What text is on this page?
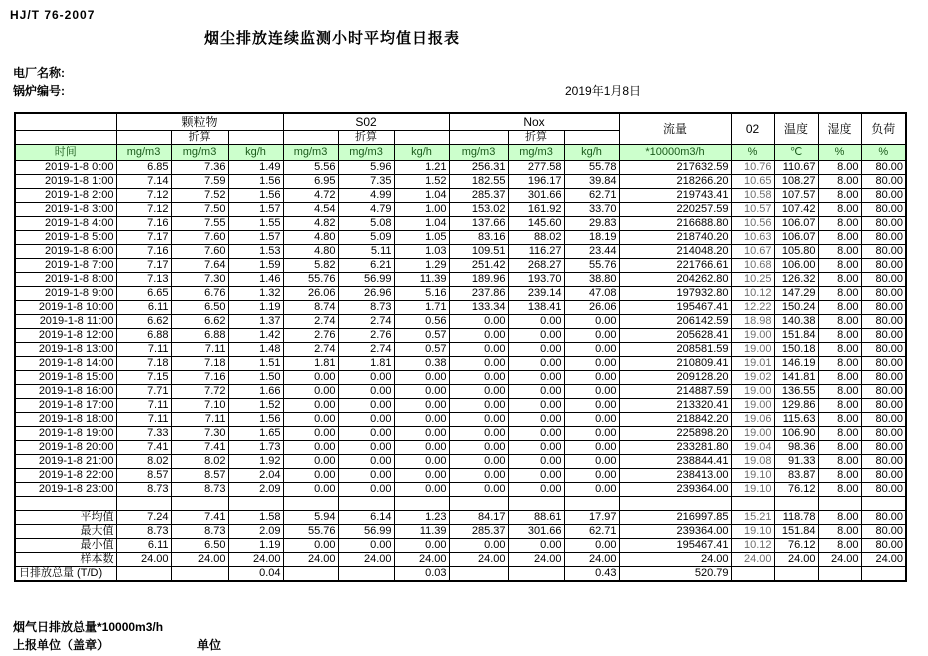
HJ/T 76-2007
烟尘排放连续监测小时平均值日报表
电厂名称:
锅炉编号:	2019年1月8日
	颗粒物			S02			Nox			流量	02	温度	湿度	负荷
		折算			折算			折算						
时间	mg/m3	mg/m3	kg/h	mg/m3	mg/m3	kg/h	mg/m3	mg/m3	kg/h	*10000m3/h	%	℃	%	%
2019-1-8 0:00	6.85	7.36	1.49	5.56	5.96	1.21	256.31	277.58	55.78	217632.59	10.76	110.67	8.00	80.00
2019-1-8 1:00	7.14	7.59	1.56	6.95	7.35	1.52	182.55	196.17	39.84	218266.20	10.65	108.27	8.00	80.00
2019-1-8 2:00	7.12	7.52	1.56	4.72	4.99	1.04	285.37	301.66	62.71	219743.41	10.58	107.57	8.00	80.00
2019-1-8 3:00	7.12	7.50	1.57	4.54	4.79	1.00	153.02	161.92	33.70	220257.59	10.57	107.42	8.00	80.00
2019-1-8 4:00	7.16	7.55	1.55	4.82	5.08	1.04	137.66	145.60	29.83	216688.80	10.56	106.07	8.00	80.00
2019-1-8 5:00	7.17	7.60	1.57	4.80	5.09	1.05	83.16	88.02	18.19	218740.20	10.63	106.07	8.00	80.00
2019-1-8 6:00	7.16	7.60	1.53	4.80	5.11	1.03	109.51	116.27	23.44	214048.20	10.67	105.80	8.00	80.00
2019-1-8 7:00	7.17	7.64	1.59	5.82	6.21	1.29	251.42	268.27	55.76	221766.61	10.68	106.00	8.00	80.00
2019-1-8 8:00	7.13	7.30	1.46	55.76	56.99	11.39	189.96	193.70	38.80	204262.80	10.25	126.32	8.00	80.00
2019-1-8 9:00	6.65	6.76	1.32	26.06	26.96	5.16	237.86	239.14	47.08	197932.80	10.12	147.29	8.00	80.00
2019-1-8 10:00	6.11	6.50	1.19	8.74	8.73	1.71	133.34	138.41	26.06	195467.41	12.22	150.24	8.00	80.00
2019-1-8 11:00	6.62	6.62	1.37	2.74	2.74	0.56	0.00	0.00	0.00	206142.59	18.98	140.38	8.00	80.00
2019-1-8 12:00	6.88	6.88	1.42	2.76	2.76	0.57	0.00	0.00	0.00	205628.41	19.00	151.84	8.00	80.00
2019-1-8 13:00	7.11	7.11	1.48	2.74	2.74	0.57	0.00	0.00	0.00	208581.59	19.00	150.18	8.00	80.00
2019-1-8 14:00	7.18	7.18	1.51	1.81	1.81	0.38	0.00	0.00	0.00	210809.41	19.01	146.19	8.00	80.00
2019-1-8 15:00	7.15	7.16	1.50	0.00	0.00	0.00	0.00	0.00	0.00	209128.20	19.02	141.81	8.00	80.00
2019-1-8 16:00	7.71	7.72	1.66	0.00	0.00	0.00	0.00	0.00	0.00	214887.59	19.00	136.55	8.00	80.00
2019-1-8 17:00	7.11	7.10	1.52	0.00	0.00	0.00	0.00	0.00	0.00	213320.41	19.00	129.86	8.00	80.00
2019-1-8 18:00	7.11	7.11	1.56	0.00	0.00	0.00	0.00	0.00	0.00	218842.20	19.06	115.63	8.00	80.00
2019-1-8 19:00	7.33	7.30	1.65	0.00	0.00	0.00	0.00	0.00	0.00	225898.20	19.00	106.90	8.00	80.00
2019-1-8 20:00	7.41	7.41	1.73	0.00	0.00	0.00	0.00	0.00	0.00	233281.80	19.04	98.36	8.00	80.00
2019-1-8 21:00	8.02	8.02	1.92	0.00	0.00	0.00	0.00	0.00	0.00	238844.41	19.08	91.33	8.00	80.00
2019-1-8 22:00	8.57	8.57	2.04	0.00	0.00	0.00	0.00	0.00	0.00	238413.00	19.10	83.87	8.00	80.00
2019-1-8 23:00	8.73	8.73	2.09	0.00	0.00	0.00	0.00	0.00	0.00	239364.00	19.10	76.12	8.00	80.00

平均值	7.24	7.41	1.58	5.94	6.14	1.23	84.17	88.61	17.97	216997.85	15.21	118.78	8.00	80.00
最大值	8.73	8.73	2.09	55.76	56.99	11.39	285.37	301.66	62.71	239364.00	19.10	151.84	8.00	80.00
最小值	6.11	6.50	1.19	0.00	0.00	0.00	0.00	0.00	0.00	195467.41	10.12	76.12	8.00	80.00
样本数	24.00	24.00	24.00	24.00	24.00	24.00	24.00	24.00	24.00	24.00	24.00	24.00	24.00	24.00
日排放总量 (T/D)			0.04			0.03			0.43	520.79				
烟气日排放总量*10000m3/h
上报单位（盖章）	单位
